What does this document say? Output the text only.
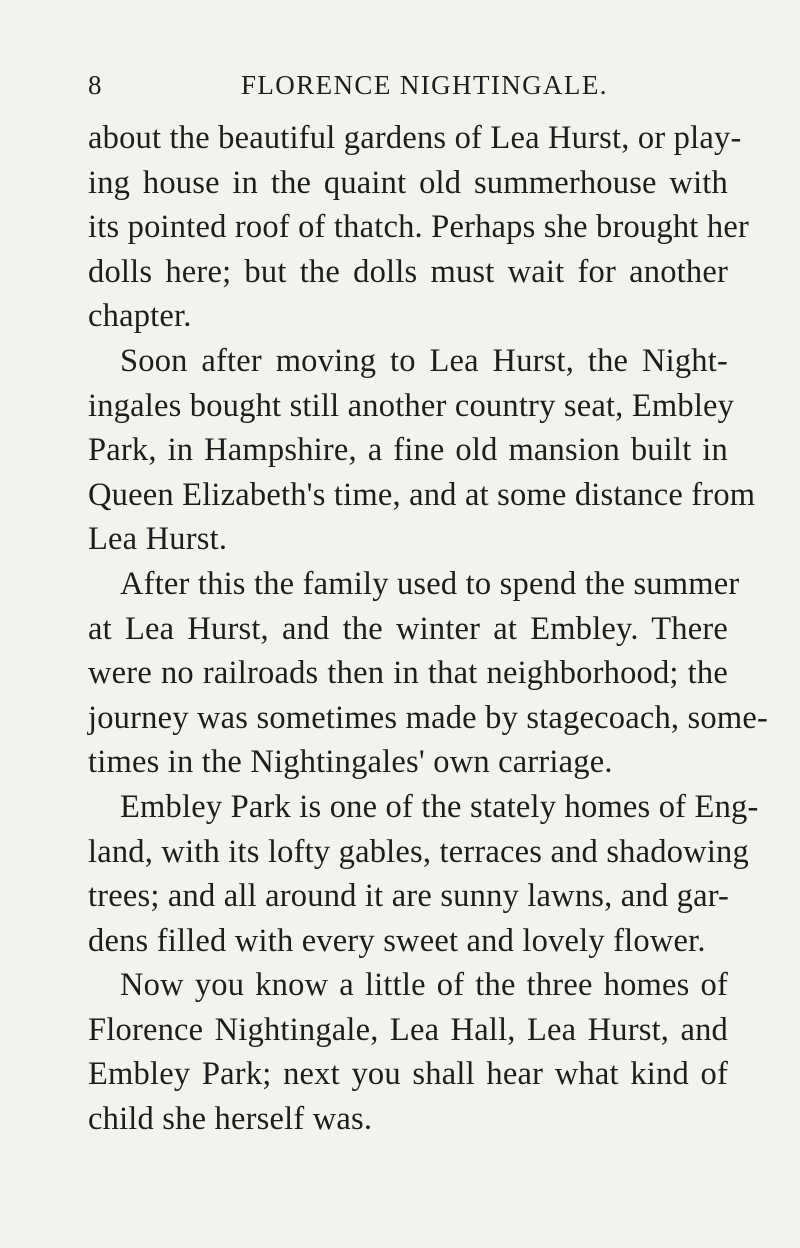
8	FLORENCE NIGHTINGALE.
about the beautiful gardens of Lea Hurst, or play-
ing house in the quaint old summerhouse with
its pointed roof of thatch. Perhaps she brought her
dolls here; but the dolls must wait for another
chapter.
Soon after moving to Lea Hurst, the Night-
ingales bought still another country seat, Embley
Park, in Hampshire, a fine old mansion built in
Queen Elizabeth's time, and at some distance from
Lea Hurst.
After this the family used to spend the summer
at Lea Hurst, and the winter at Embley. There
were no railroads then in that neighborhood; the
journey was sometimes made by stagecoach, some-
times in the Nightingales' own carriage.
Embley Park is one of the stately homes of Eng-
land, with its lofty gables, terraces and shadowing
trees; and all around it are sunny lawns, and gar-
dens filled with every sweet and lovely flower.
Now you know a little of the three homes of
Florence Nightingale, Lea Hall, Lea Hurst, and
Embley Park; next you shall hear what kind of
child she herself was.
